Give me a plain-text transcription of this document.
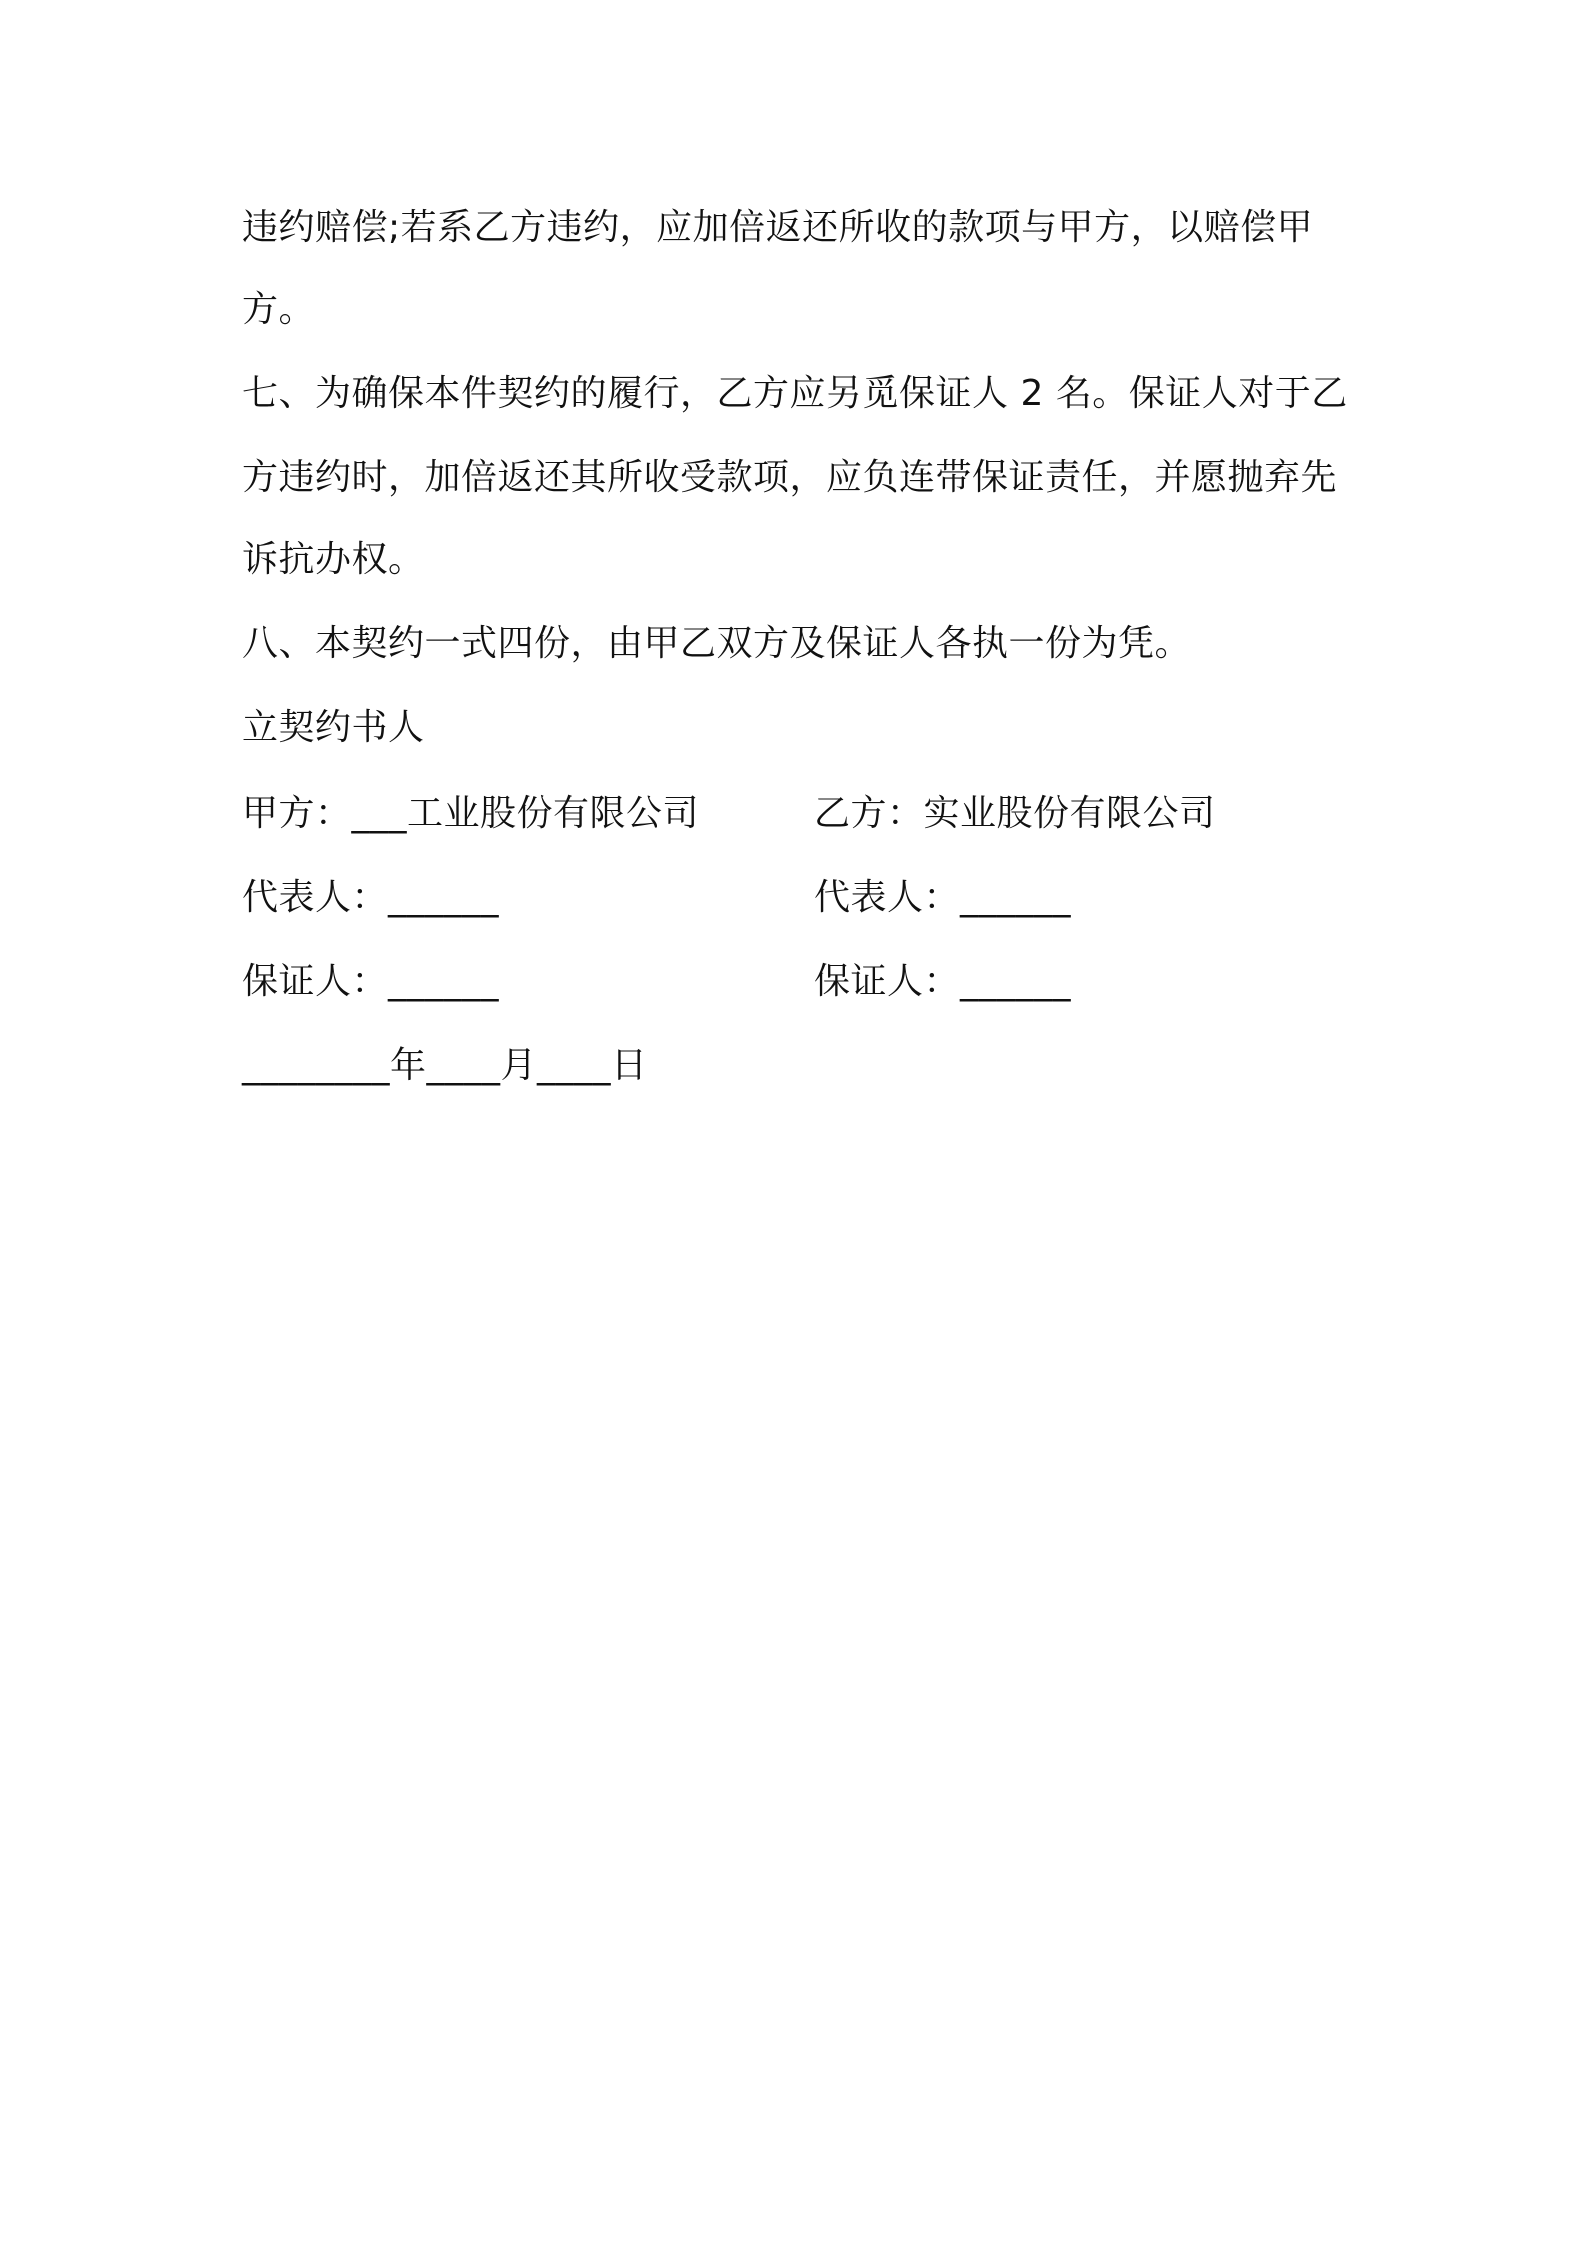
违约赔偿;若系乙方违约，应加倍返还所收的款项与甲方，以赔偿甲
方。
七、为确保本件契约的履行，乙方应另觅保证人 2 名。保证人对于乙
方违约时，加倍返还其所收受款项，应负连带保证责任，并愿抛弃先
诉抗办权。
八、本契约一式四份，由甲乙双方及保证人各执一份为凭。
立契约书人
甲方：___工业股份有限公司	乙方：实业股份有限公司
代表人：______	代表人：______
保证人：______	保证人：______
________年____月____日
